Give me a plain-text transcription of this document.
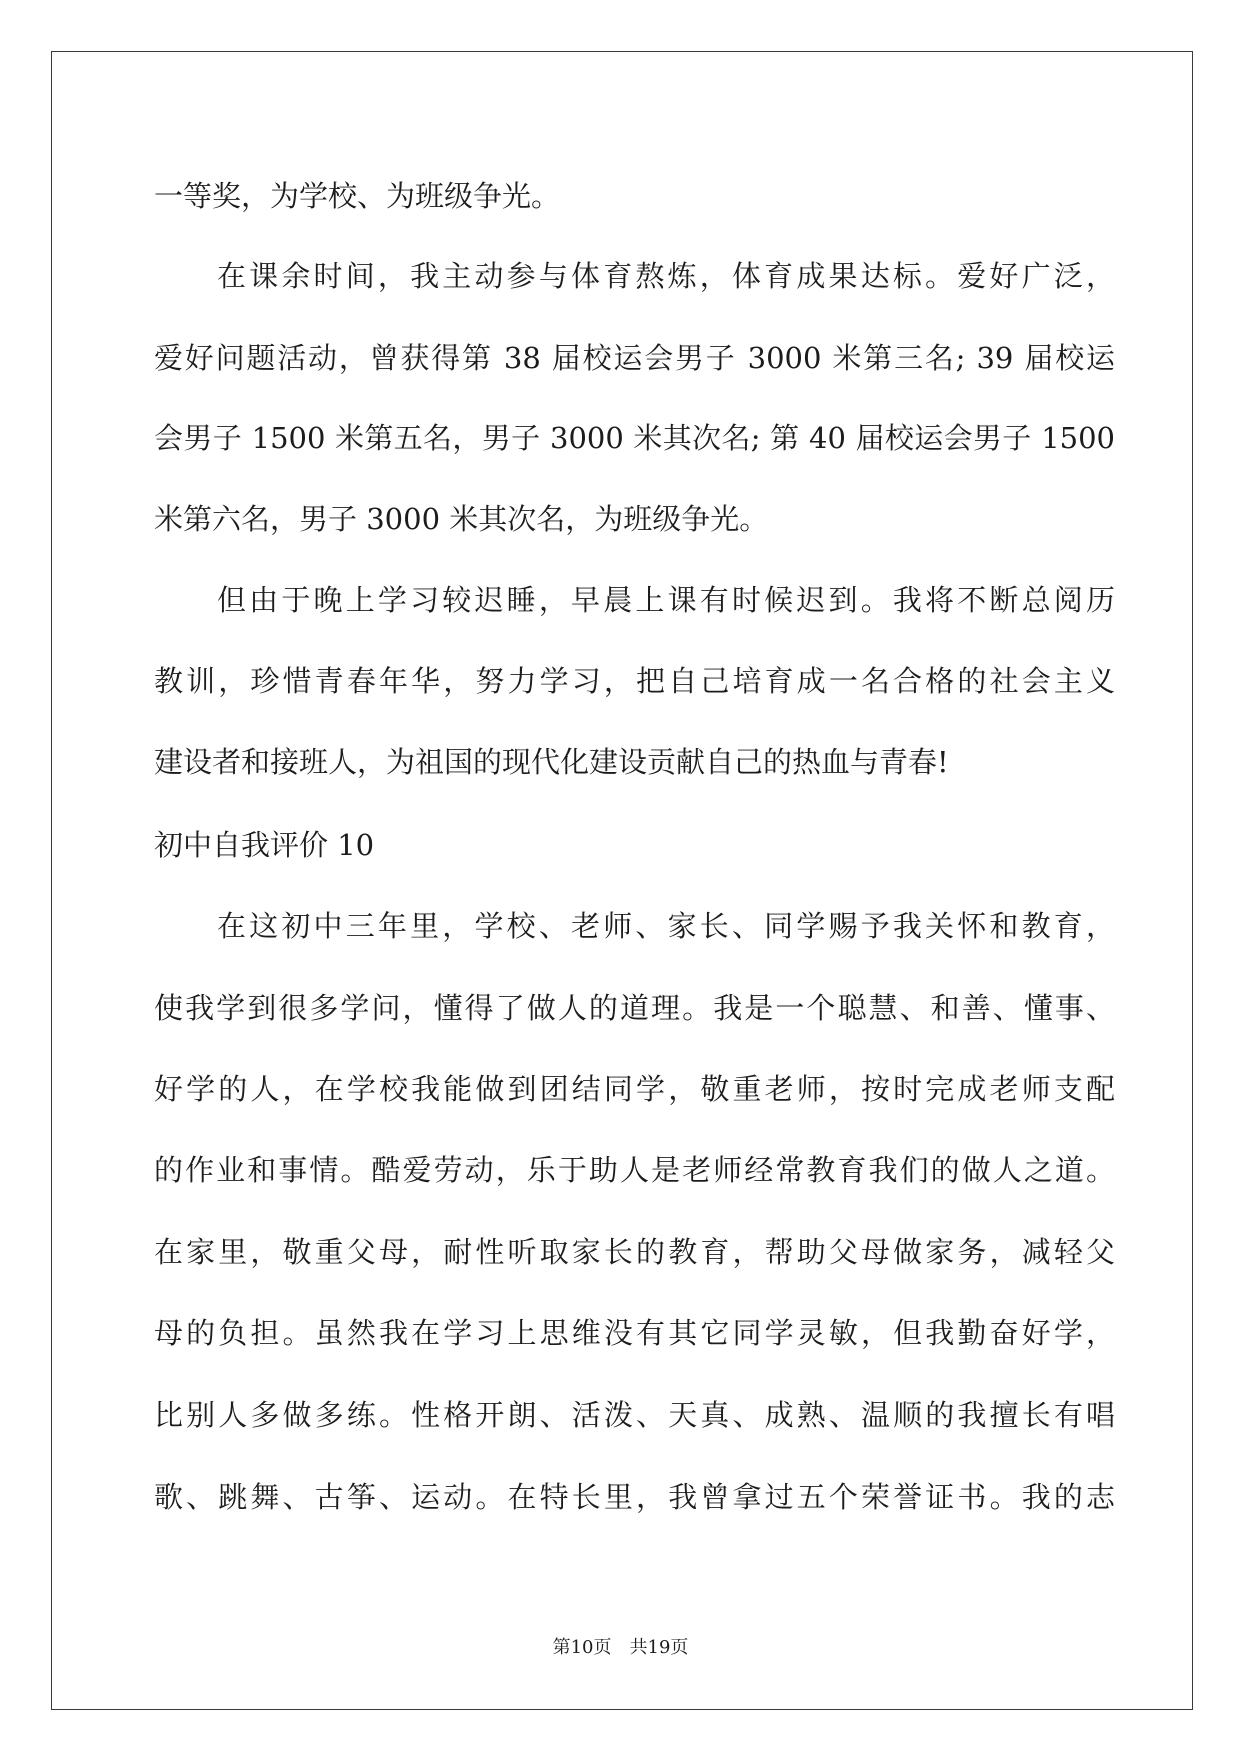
一等奖，为学校、为班级争光。
在课余时间，我主动参与体育熬炼，体育成果达标。爱好广泛，
爱好问题活动，曾获得第 38 届校运会男子 3000 米第三名; 39 届校运
会男子 1500 米第五名，男子 3000 米其次名; 第 40 届校运会男子 1500
米第六名，男子 3000 米其次名，为班级争光。
但由于晚上学习较迟睡，早晨上课有时候迟到。我将不断总阅历
教训，珍惜青春年华，努力学习，把自己培育成一名合格的社会主义
建设者和接班人，为祖国的现代化建设贡献自己的热血与青春!
初中自我评价 10
在这初中三年里，学校、老师、家长、同学赐予我关怀和教育，
使我学到很多学问，懂得了做人的道理。我是一个聪慧、和善、懂事、
好学的人，在学校我能做到团结同学，敬重老师，按时完成老师支配
的作业和事情。酷爱劳动，乐于助人是老师经常教育我们的做人之道。
在家里，敬重父母，耐性听取家长的教育，帮助父母做家务，减轻父
母的负担。虽然我在学习上思维没有其它同学灵敏，但我勤奋好学，
比别人多做多练。性格开朗、活泼、天真、成熟、温顺的我擅长有唱
歌、跳舞、古筝、运动。在特长里，我曾拿过五个荣誉证书。我的志
第10页　共19页
